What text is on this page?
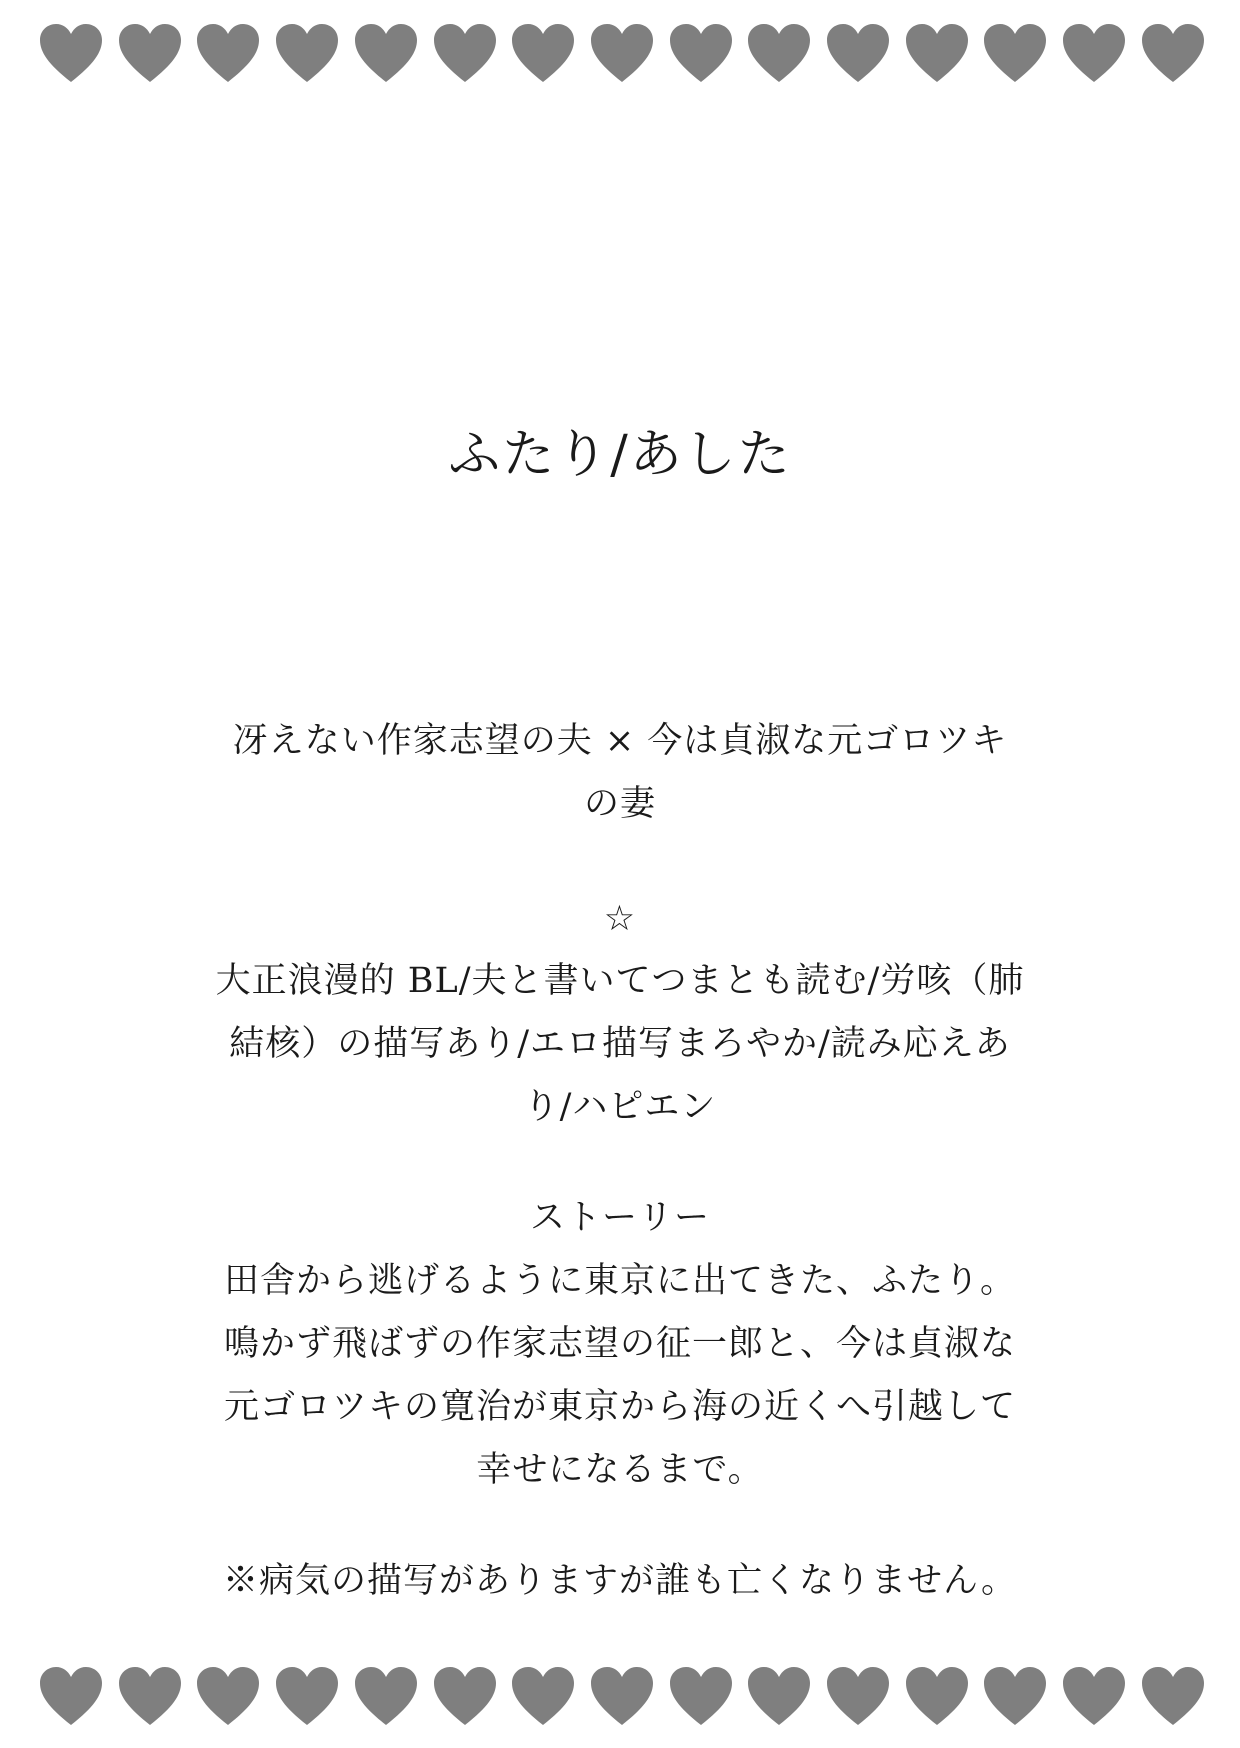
ふたり/あした
冴えない作家志望の夫 × 今は貞淑な元ゴロツキ
の妻
☆
大正浪漫的 BL/夫と書いてつまとも読む/労咳（肺
結核）の描写あり/エロ描写まろやか/読み応えあ
り/ハピエン
ストーリー
田舎から逃げるように東京に出てきた、ふたり。
鳴かず飛ばずの作家志望の征一郎と、今は貞淑な
元ゴロツキの寛治が東京から海の近くへ引越して
幸せになるまで。
※病気の描写がありますが誰も亡くなりません。
